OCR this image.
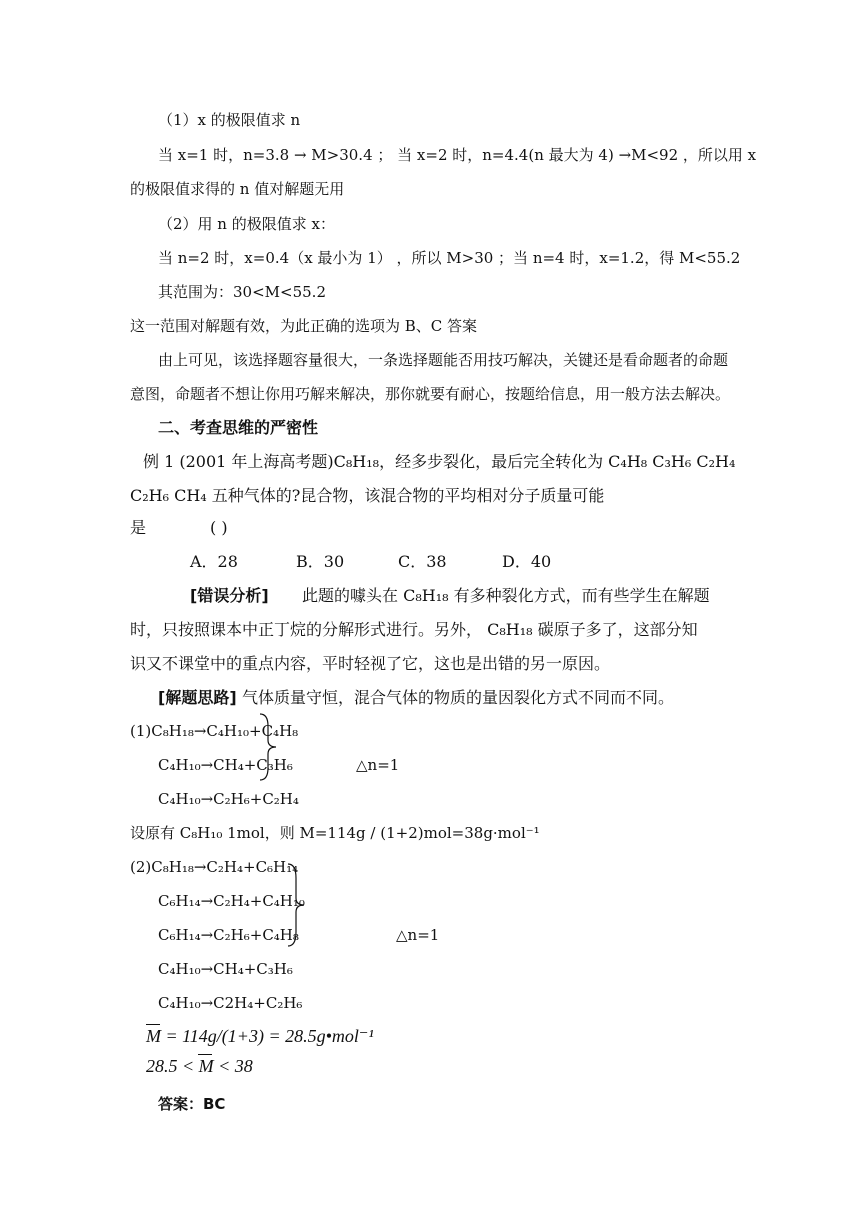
（1）x 的极限值求 n
当 x=1 时，n=3.8 → M>30.4 ； 当 x=2 时，n=4.4(n 最大为 4) →M<92 ，所以用 x
的极限值求得的 n 值对解题无用
（2）用 n 的极限值求 x：
当 n=2 时，x=0.4（x 最小为 1） ，所以 M>30 ；当 n=4 时，x=1.2，得 M<55.2
其范围为：30<M<55.2
这一范围对解题有效，为此正确的选项为 B、C 答案
由上可见，该选择题容量很大，一条选择题能否用技巧解决，关键还是看命题者的命题
意图，命题者不想让你用巧解来解决，那你就要有耐心，按题给信息，用一般方法去解决。
二、考查思维的严密性
例 1 (2001 年上海高考题)C₈H₁₈，经多步裂化，最后完全转化为 C₄H₈ C₃H₆ C₂H₄
C₂H₆ CH₄ 五种气体的?昆合物，该混合物的平均相对分子质量可能
是	( )
A．28	B．30	C．38	D．40
[错误分析] 此题的噱头在 C₈H₁₈ 有多种裂化方式，而有些学生在解题
时，只按照课本中正丁烷的分解形式进行。另外， C₈H₁₈ 碳原子多了，这部分知
识又不课堂中的重点内容，平时轻视了它，这也是出错的另一原因。
[解题思路] 气体质量守恒，混合气体的物质的量因裂化方式不同而不同。
(1)C₈H₁₈→C₄H₁₀+C₄H₈
C₄H₁₀→CH₄+C₃H₆
C₄H₁₀→C₂H₆+C₂H₄
△n=1
设原有 C₈H₁₀ 1mol，则 M=114g / (1+2)mol=38g·mol⁻¹
(2)C₈H₁₈→C₂H₄+C₆H₁₄
C₆H₁₄→C₂H₄+C₄H₁₀
C₆H₁₄→C₂H₆+C₄H₈	△n=1
C₄H₁₀→CH₄+C₃H₆
C₄H₁₀→C2H₄+C₂H₆
M = 114g/(1+3) = 28.5g•mol⁻¹
28.5 < M < 38
答案：BC
